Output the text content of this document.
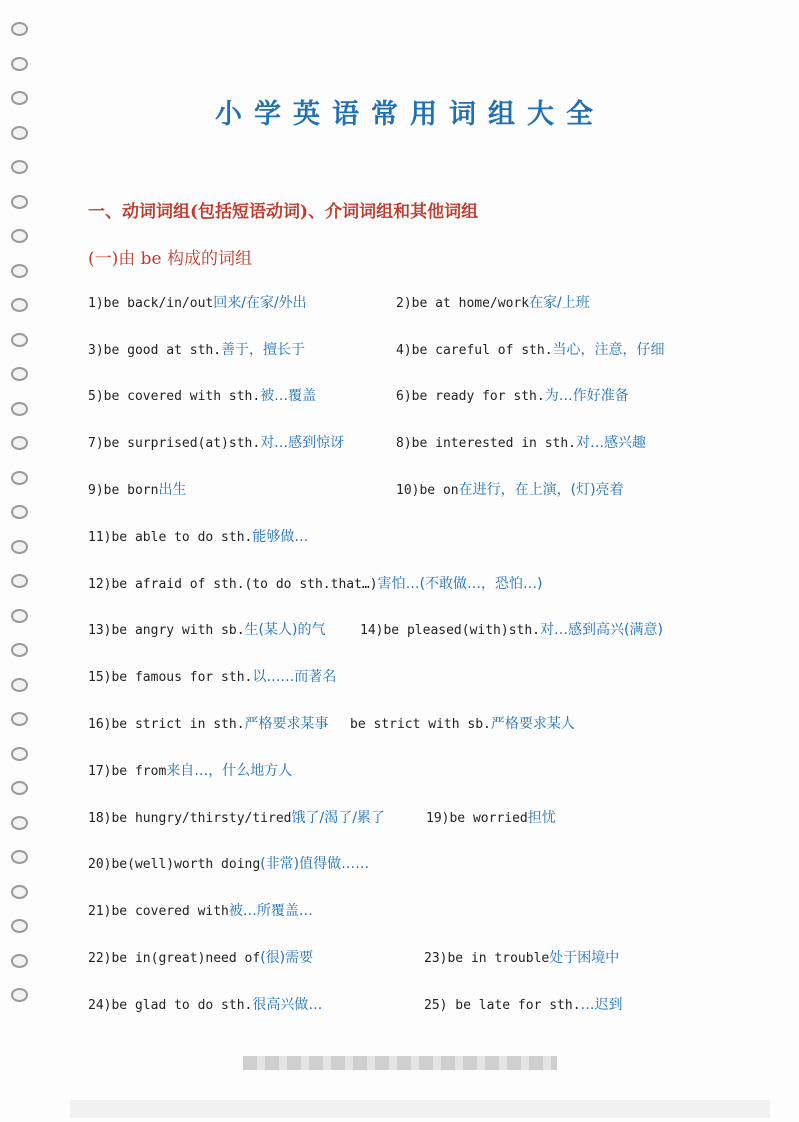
小学英语常用词组大全
一、动词词组(包括短语动词)、介词词组和其他词组
(一)由 be 构成的词组
1)be back/in/out回来/在家/外出	2)be at home/work在家/上班
3)be good at sth.善于，擅长于	4)be careful of sth.当心，注意，仔细
5)be covered with sth.被…覆盖	6)be ready for sth.为…作好准备
7)be surprised(at)sth.对…感到惊讶	8)be interested in sth.对…感兴趣
9)be born出生	10)be on在进行，在上演，(灯)亮着
11)be able to do sth.能够做…
12)be afraid of sth.(to do sth.that…)害怕…(不敢做…，恐怕…)
13)be angry with sb.生(某人)的气	14)be pleased(with)sth.对…感到高兴(满意)
15)be famous for sth.以……而著名
16)be strict in sth.严格要求某事 be strict with sb.严格要求某人
17)be from来自…，什么地方人
18)be hungry/thirsty/tired饿了/渴了/累了	19)be worried担忧
20)be(well)worth doing(非常)值得做……
21)be covered with被…所覆盖…
22)be in(great)need of(很)需要	23)be in trouble处于困境中
24)be glad to do sth.很高兴做…	25) be late for sth.…迟到
